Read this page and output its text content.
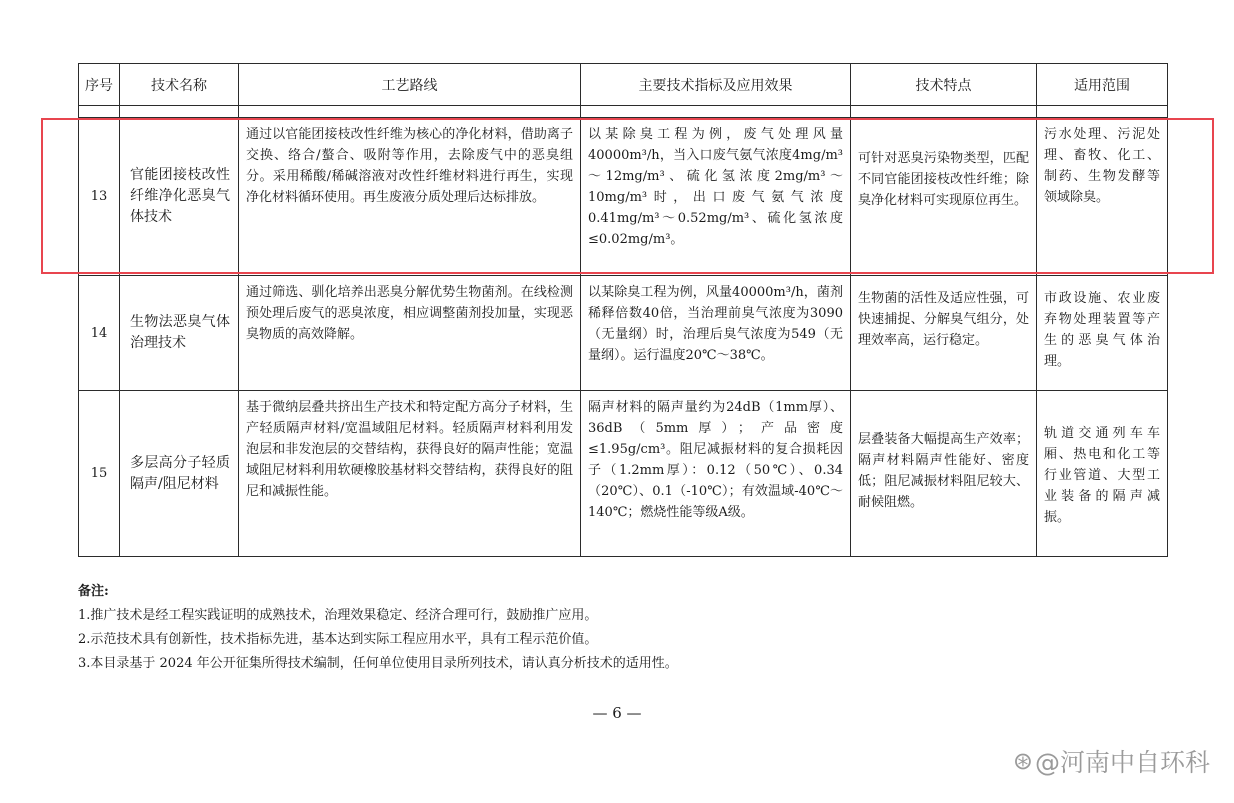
序号	技术名称	工艺路线	主要技术指标及应用效果	技术特点	适用范围

13	官能团接枝改性纤维净化恶臭气体技术	通过以官能团接枝改性纤维为核心的净化材料，借助离子交换、络合/螯合、吸附等作用，去除废气中的恶臭组分。采用稀酸/稀碱溶液对改性纤维材料进行再生，实现净化材料循环使用。再生废液分质处理后达标排放。	以某除臭工程为例，废气处理风量40000m³/h，当入口废气氨气浓度4mg/m³～12mg/m³、硫化氢浓度2mg/m³～10mg/m³时，出口废气氨气浓度0.41mg/m³～0.52mg/m³、硫化氢浓度≤0.02mg/m³。	可针对恶臭污染物类型，匹配不同官能团接枝改性纤维；除臭净化材料可实现原位再生。	污水处理、污泥处理、畜牧、化工、制药、生物发酵等领域除臭。
14	生物法恶臭气体治理技术	通过筛选、驯化培养出恶臭分解优势生物菌剂。在线检测预处理后废气的恶臭浓度，相应调整菌剂投加量，实现恶臭物质的高效降解。	以某除臭工程为例，风量40000m³/h，菌剂稀释倍数40倍，当治理前臭气浓度为3090（无量纲）时，治理后臭气浓度为549（无量纲）。运行温度20℃～38℃。	生物菌的活性及适应性强，可快速捕捉、分解臭气组分，处理效率高，运行稳定。	市政设施、农业废弃物处理装置等产生的恶臭气体治理。
15	多层高分子轻质隔声/阻尼材料	基于微纳层叠共挤出生产技术和特定配方高分子材料，生产轻质隔声材料/宽温域阻尼材料。轻质隔声材料利用发泡层和非发泡层的交替结构，获得良好的隔声性能；宽温域阻尼材料利用软硬橡胶基材料交替结构，获得良好的阻尼和减振性能。	隔声材料的隔声量约为24dB（1mm厚）、36dB（5mm厚）；产品密度≤1.95g/cm³。阻尼减振材料的复合损耗因子（1.2mm厚）：0.12（50℃）、0.34（20℃）、0.1（-10℃）；有效温域-40℃～140℃；燃烧性能等级A级。	层叠装备大幅提高生产效率；隔声材料隔声性能好、密度低；阻尼减振材料阻尼较大、耐候阻燃。	轨道交通列车车厢、热电和化工等行业管道、大型工业装备的隔声减振。
备注:
1.推广技术是经工程实践证明的成熟技术，治理效果稳定、经济合理可行，鼓励推广应用。
2.示范技术具有创新性，技术指标先进，基本达到实际工程应用水平，具有工程示范价值。
3.本目录基于 2024 年公开征集所得技术编制，任何单位使用目录所列技术，请认真分析技术的适用性。
— 6 —
⊛ @河南中自环科
